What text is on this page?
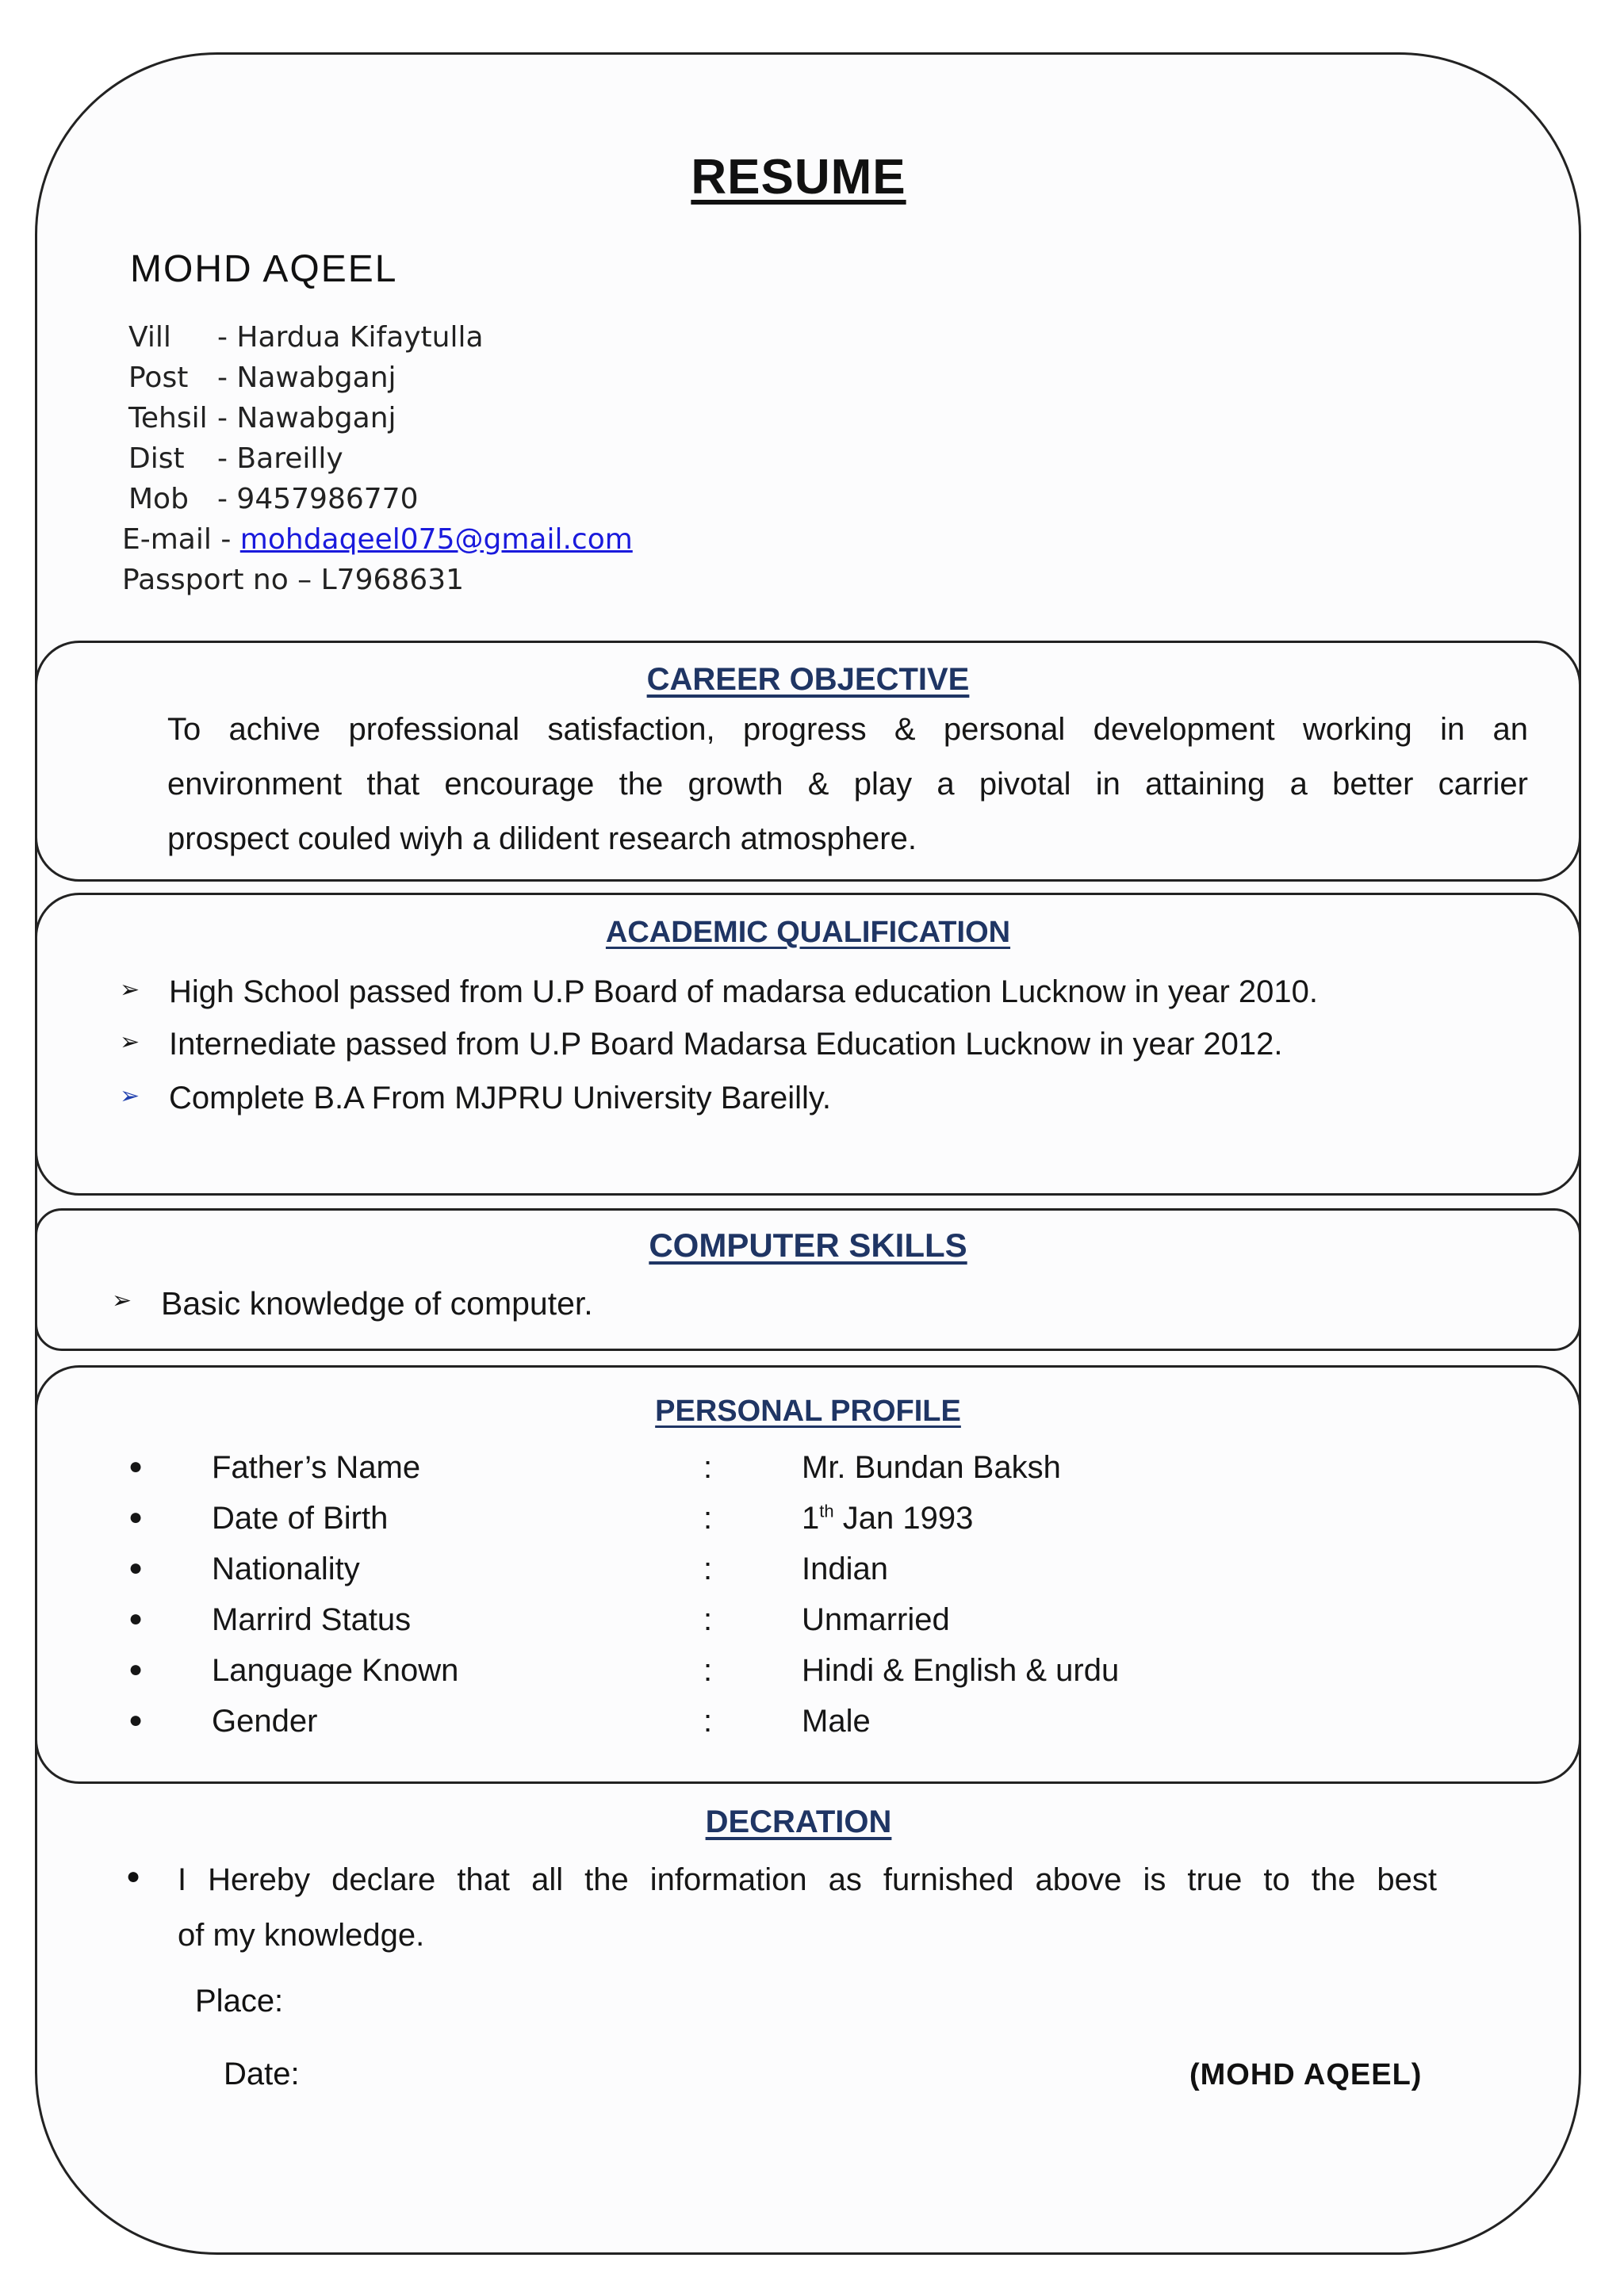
RESUME
MOHD AQEEL
Vill - Hardua Kifaytulla
Post - Nawabganj
Tehsil - Nawabganj
Dist - Bareilly
Mob - 9457986770
E-mail - mohdaqeel075@gmail.com
Passport no – L7968631
CAREER OBJECTIVE
To achive professional satisfaction, progress & personal development working in an
environment that encourage the growth & play a pivotal in attaining a better carrier
prospect couled wiyh a dilident research atmosphere.
ACADEMIC QUALIFICATION
➢ High School passed from U.P Board of madarsa education Lucknow in year 2010.
➢ Internediate passed from U.P Board Madarsa Education Lucknow in year 2012.
➢ Complete B.A From MJPRU University Bareilly.
COMPUTER SKILLS
➢ Basic knowledge of computer.
PERSONAL PROFILE
● Father’s Name	:	Mr. Bundan Baksh
● Date of Birth	:	1th Jan 1993
● Nationality	:	Indian
● Marrird Status	:	Unmarried
● Language Known	:	Hindi & English & urdu
● Gender	:	Male
DECRATION
● I Hereby declare that all the information as furnished above is true to the best
of my knowledge.
Place:
Date:	(MOHD AQEEL)
